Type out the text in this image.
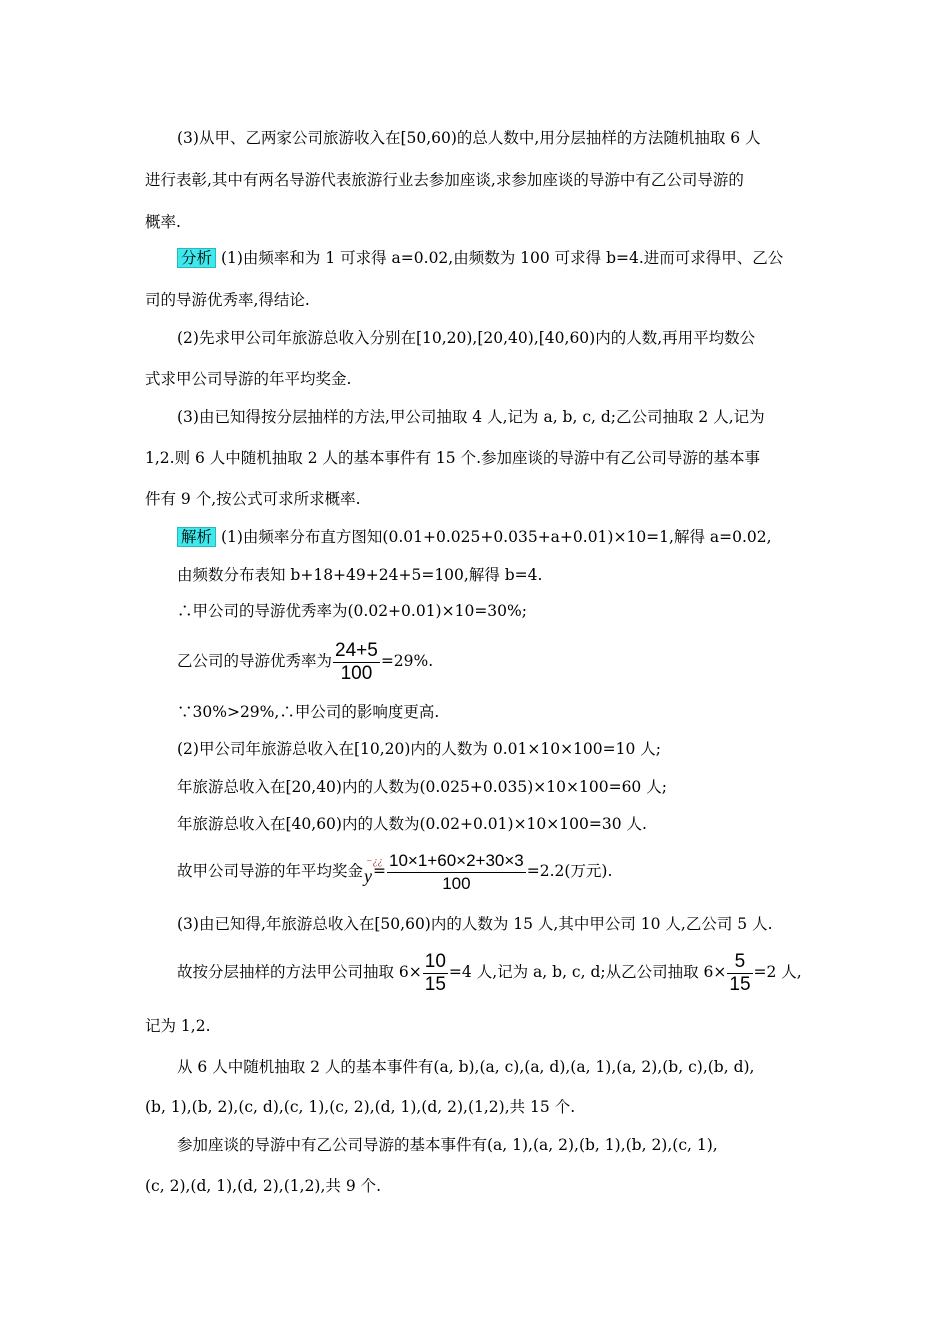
(3)从甲、乙两家公司旅游收入在[50,60)的总人数中,用分层抽样的方法随机抽取 6 人
进行表彰,其中有两名导游代表旅游行业去参加座谈,求参加座谈的导游中有乙公司导游的
概率.
分析 (1)由频率和为 1 可求得 a=0.02,由频数为 100 可求得 b=4.进而可求得甲、乙公
司的导游优秀率,得结论.
(2)先求甲公司年旅游总收入分别在[10,20),[20,40),[40,60)内的人数,再用平均数公
式求甲公司导游的年平均奖金.
(3)由已知得按分层抽样的方法,甲公司抽取 4 人,记为 a, b, c, d;乙公司抽取 2 人,记为
1,2.则 6 人中随机抽取 2 人的基本事件有 15 个.参加座谈的导游中有乙公司导游的基本事
件有 9 个,按公式可求所求概率.
解析 (1)由频率分布直方图知(0.01+0.025+0.035+a+0.01)×10=1,解得 a=0.02,
由频数分布表知 b+18+49+24+5=100,解得 b=4.
∴甲公司的导游优秀率为(0.02+0.01)×10=30%;
乙公司的导游优秀率为 $\frac{24+5}{100} =29\%$.
∵30%>29%,∴甲公司的影响度更高.
(2)甲公司年旅游总收入在[10,20)内的人数为 0.01×10×100=10 人;
年旅游总收入在[20,40)内的人数为(0.025+0.035)×10×100=60 人;
年旅游总收入在[40,60)内的人数为(0.02+0.01)×10×100=30 人.
故甲公司导游的年平均奖金
−¿¿
$y= \frac{10\times 1+60\times 2+30\times 3}{100} =2.2$(万元).
(3)由已知得,年旅游总收入在[50,60)内的人数为 15 人,其中甲公司 10 人,乙公司 5 人.
故按分层抽样的方法甲公司抽取 $6\times \frac{10}{15} =4$ 人,记为 a, b, c, d;从乙公司抽取 $6\times \frac{5}{15} =2$ 人,
记为 1,2.
从 6 人中随机抽取 2 人的基本事件有(a, b),(a, c),(a, d),(a, 1),(a, 2),(b, c),(b, d),
(b, 1),(b, 2),(c, d),(c, 1),(c, 2),(d, 1),(d, 2),(1,2),共 15 个.
参加座谈的导游中有乙公司导游的基本事件有(a, 1),(a, 2),(b, 1),(b, 2),(c, 1),
(c, 2),(d, 1),(d, 2),(1,2),共 9 个.
